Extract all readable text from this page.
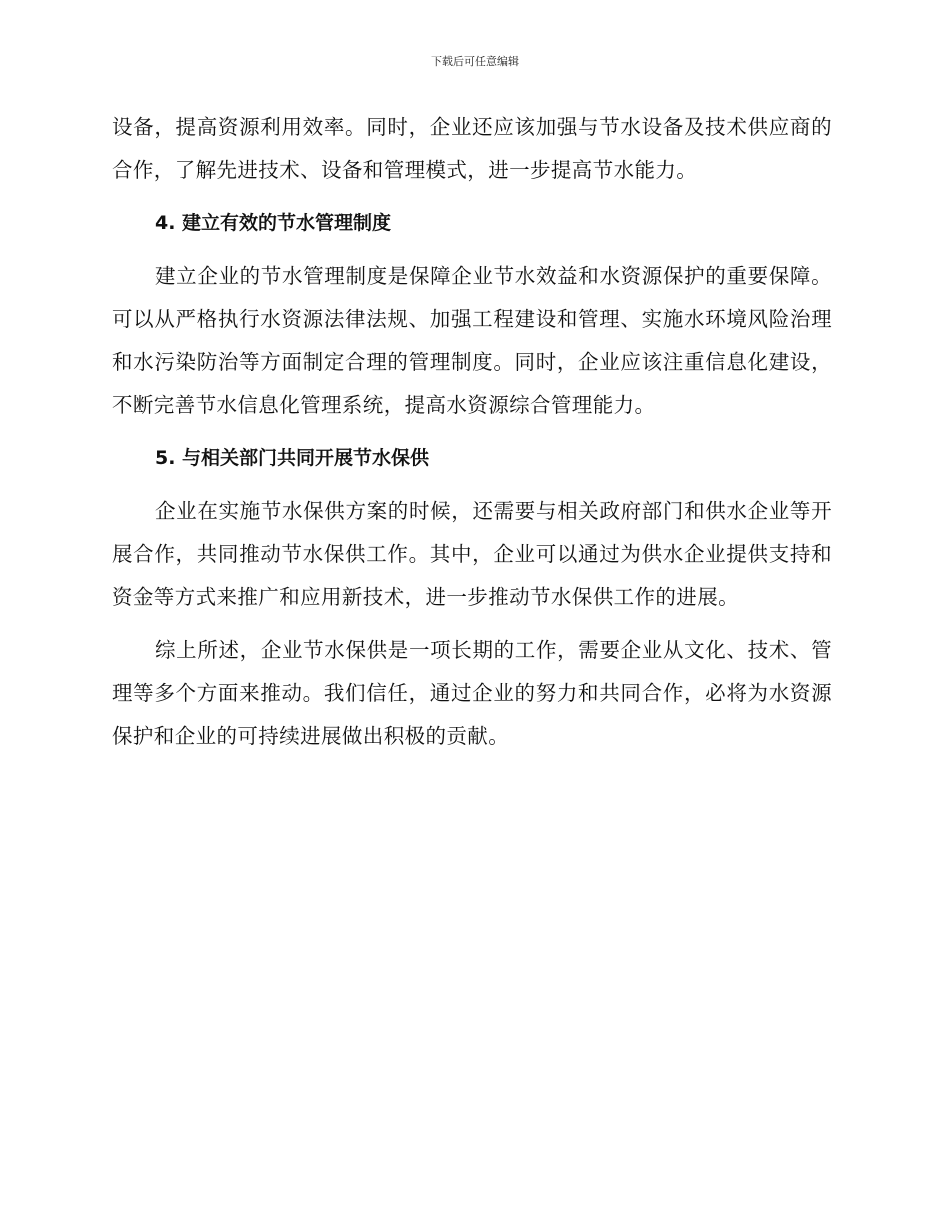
下载后可任意编辑

设备，提高资源利用效率。同时，企业还应该加强与节水设备及技术供应商的合作，了解先进技术、设备和管理模式，进一步提高节水能力。

4. 建立有效的节水管理制度

建立企业的节水管理制度是保障企业节水效益和水资源保护的重要保障。可以从严格执行水资源法律法规、加强工程建设和管理、实施水环境风险治理和水污染防治等方面制定合理的管理制度。同时，企业应该注重信息化建设，不断完善节水信息化管理系统，提高水资源综合管理能力。

5. 与相关部门共同开展节水保供

企业在实施节水保供方案的时候，还需要与相关政府部门和供水企业等开展合作，共同推动节水保供工作。其中，企业可以通过为供水企业提供支持和资金等方式来推广和应用新技术，进一步推动节水保供工作的进展。

综上所述，企业节水保供是一项长期的工作，需要企业从文化、技术、管理等多个方面来推动。我们信任，通过企业的努力和共同合作，必将为水资源保护和企业的可持续进展做出积极的贡献。
